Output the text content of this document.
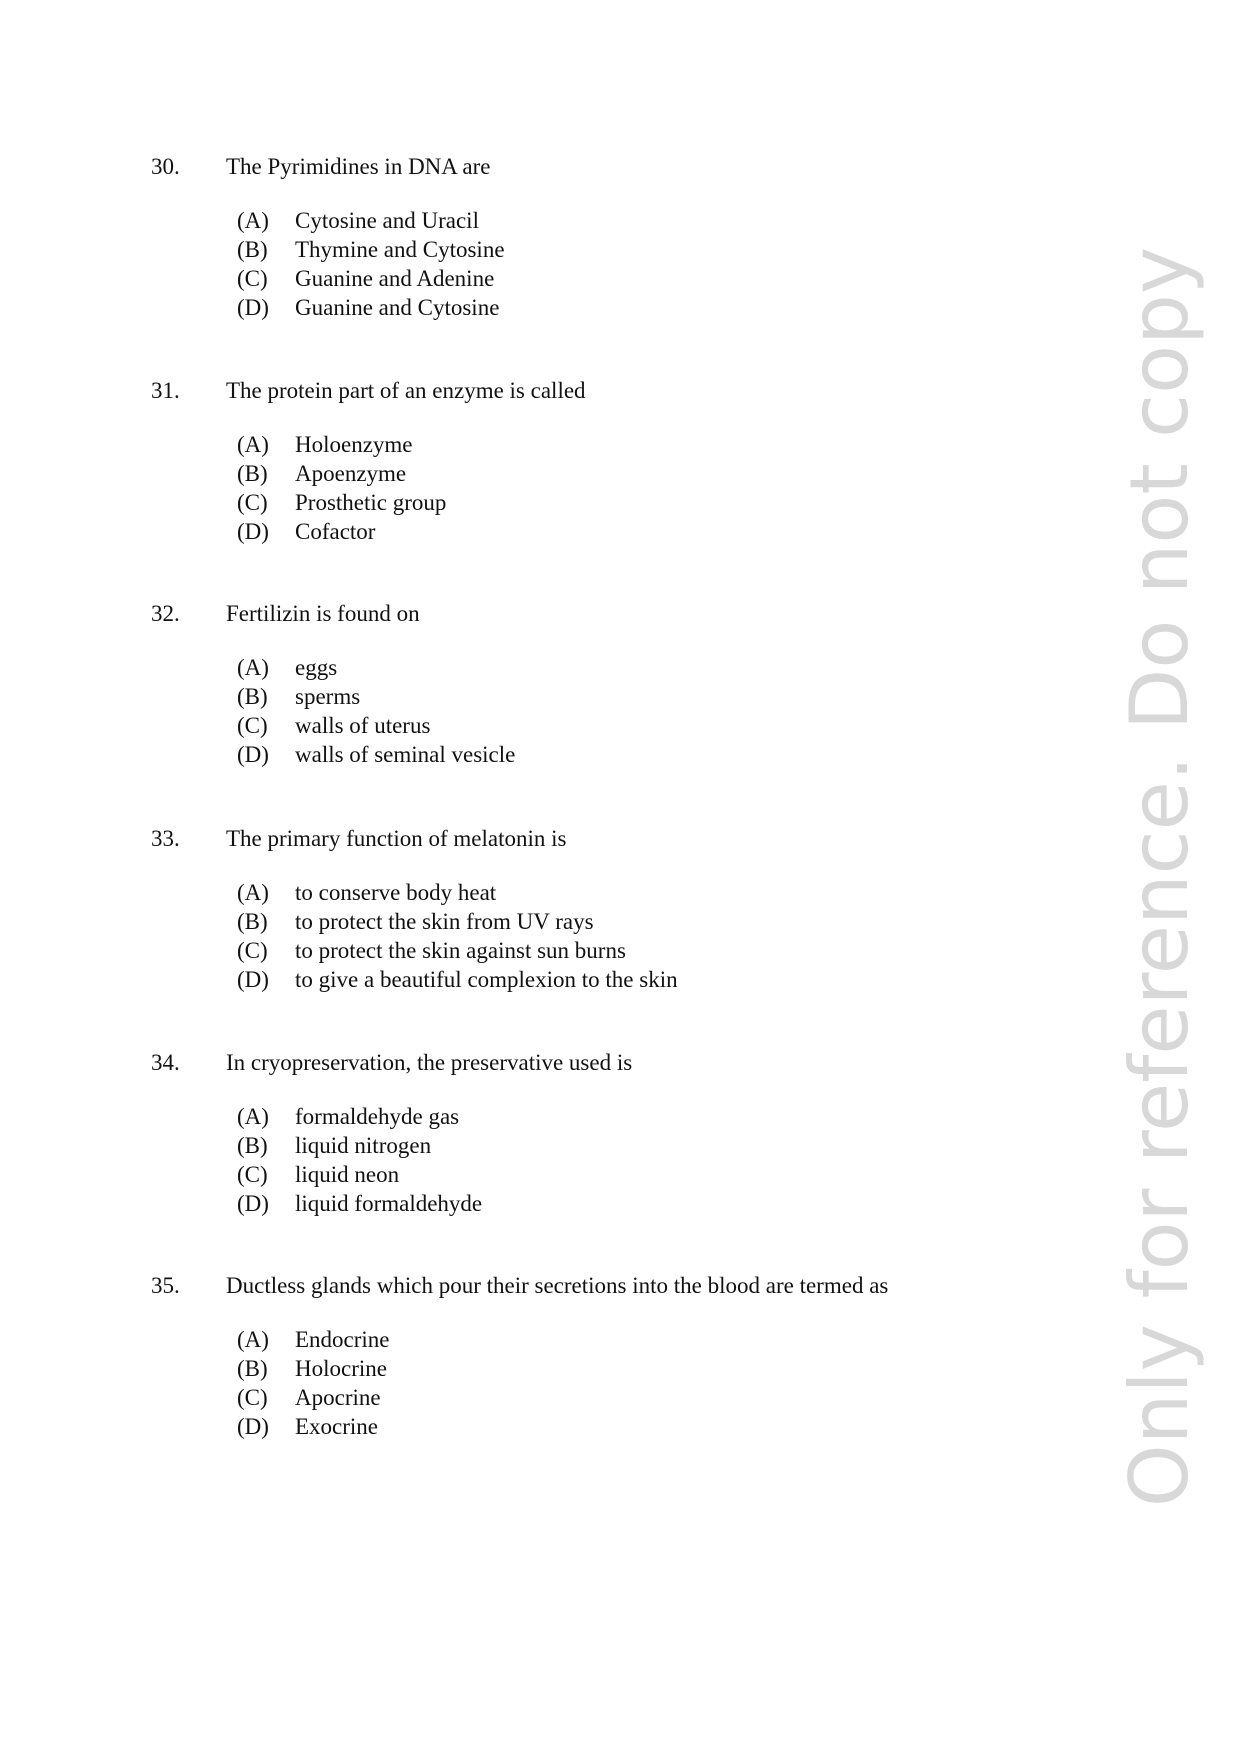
30. The Pyrimidines in DNA are
(A) Cytosine and Uracil
(B) Thymine and Cytosine
(C) Guanine and Adenine
(D) Guanine and Cytosine
31. The protein part of an enzyme is called
(A) Holoenzyme
(B) Apoenzyme
(C) Prosthetic group
(D) Cofactor
32. Fertilizin is found on
(A) eggs
(B) sperms
(C) walls of uterus
(D) walls of seminal vesicle
33. The primary function of melatonin is
(A) to conserve body heat
(B) to protect the skin from UV rays
(C) to protect the skin against sun burns
(D) to give a beautiful complexion to the skin
34. In cryopreservation, the preservative used is
(A) formaldehyde gas
(B) liquid nitrogen
(C) liquid neon
(D) liquid formaldehyde
35. Ductless glands which pour their secretions into the blood are termed as
(A) Endocrine
(B) Holocrine
(C) Apocrine
(D) Exocrine	Only for reference. Do not copy
